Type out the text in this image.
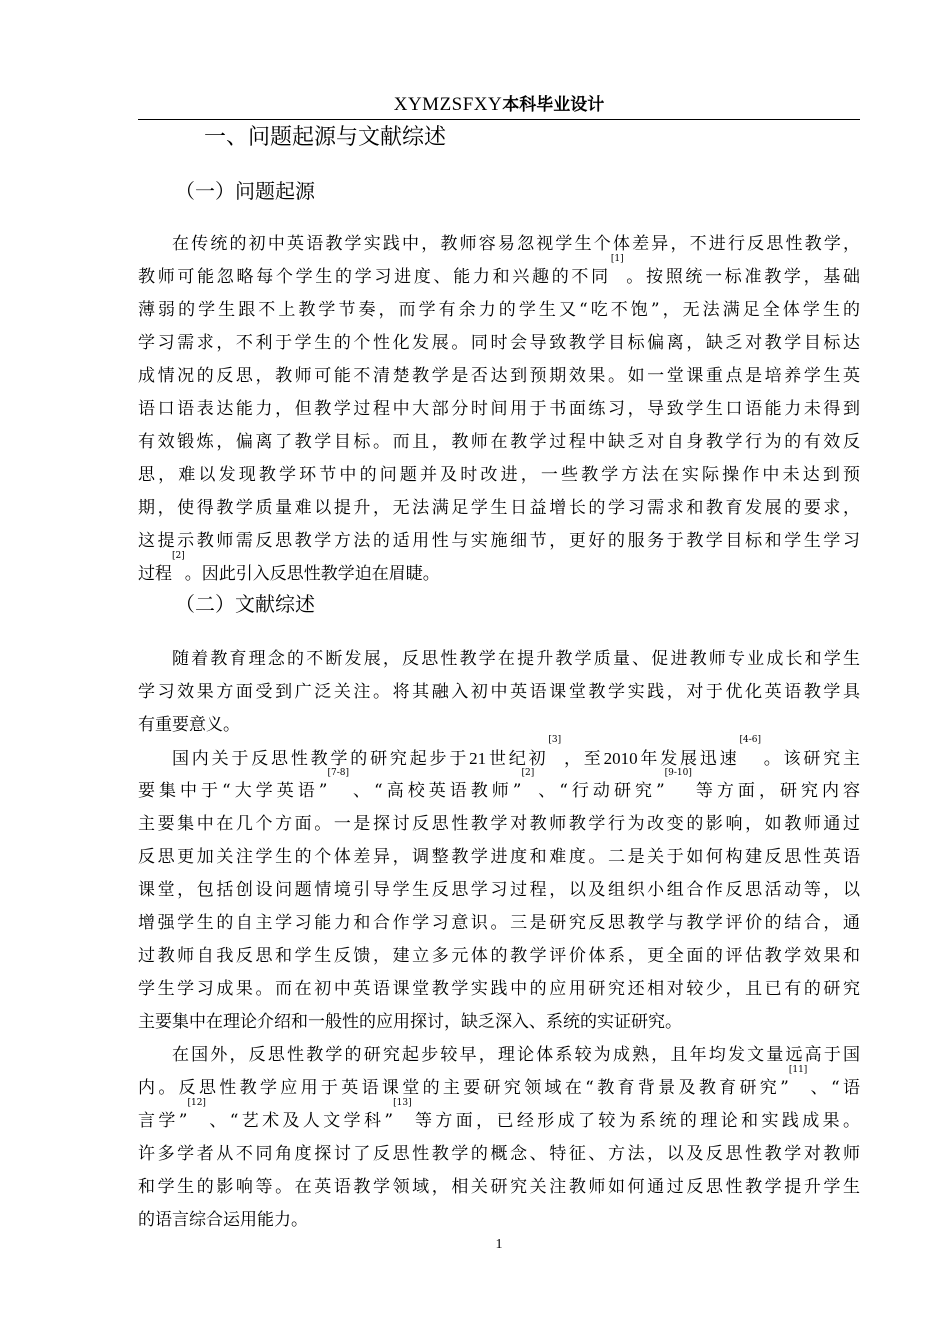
XYMZSFXY本科毕业设计
一、问题起源与文献综述
（一）问题起源
在传统的初中英语教学实践中，教师容易忽视学生个体差异，不进行反思性教学，
教师可能忽略每个学生的学习进度、能力和兴趣的不同[1]。按照统一标准教学，基础
薄弱的学生跟不上教学节奏，而学有余力的学生又“吃不饱”，无法满足全体学生的
学习需求，不利于学生的个性化发展。同时会导致教学目标偏离，缺乏对教学目标达
成情况的反思，教师可能不清楚教学是否达到预期效果。如一堂课重点是培养学生英
语口语表达能力，但教学过程中大部分时间用于书面练习，导致学生口语能力未得到
有效锻炼，偏离了教学目标。而且，教师在教学过程中缺乏对自身教学行为的有效反
思，难以发现教学环节中的问题并及时改进，一些教学方法在实际操作中未达到预
期，使得教学质量难以提升，无法满足学生日益增长的学习需求和教育发展的要求，
这提示教师需反思教学方法的适用性与实施细节，更好的服务于教学目标和学生学习
过程[2]。因此引入反思性教学迫在眉睫。
（二）文献综述
随着教育理念的不断发展，反思性教学在提升教学质量、促进教师专业成长和学生
学习效果方面受到广泛关注。将其融入初中英语课堂教学实践，对于优化英语教学具
有重要意义。
国内关于反思性教学的研究起步于21世纪初[3]，至2010年发展迅速[4-6]。该研究主
要集中于“大学英语”[7-8]、“高校英语教师”[2]、“行动研究”[9-10]等方面，研究内容
主要集中在几个方面。一是探讨反思性教学对教师教学行为改变的影响，如教师通过
反思更加关注学生的个体差异，调整教学进度和难度。二是关于如何构建反思性英语
课堂，包括创设问题情境引导学生反思学习过程，以及组织小组合作反思活动等，以
增强学生的自主学习能力和合作学习意识。三是研究反思教学与教学评价的结合，通
过教师自我反思和学生反馈，建立多元体的教学评价体系，更全面的评估教学效果和
学生学习成果。而在初中英语课堂教学实践中的应用研究还相对较少，且已有的研究
主要集中在理论介绍和一般性的应用探讨，缺乏深入、系统的实证研究。
在国外，反思性教学的研究起步较早，理论体系较为成熟，且年均发文量远高于国
内。反思性教学应用于英语课堂的主要研究领域在“教育背景及教育研究”[11]、“语
言学”[12]、“艺术及人文学科”[13]等方面，已经形成了较为系统的理论和实践成果。
许多学者从不同角度探讨了反思性教学的概念、特征、方法，以及反思性教学对教师
和学生的影响等。在英语教学领域，相关研究关注教师如何通过反思性教学提升学生
的语言综合运用能力。
1
